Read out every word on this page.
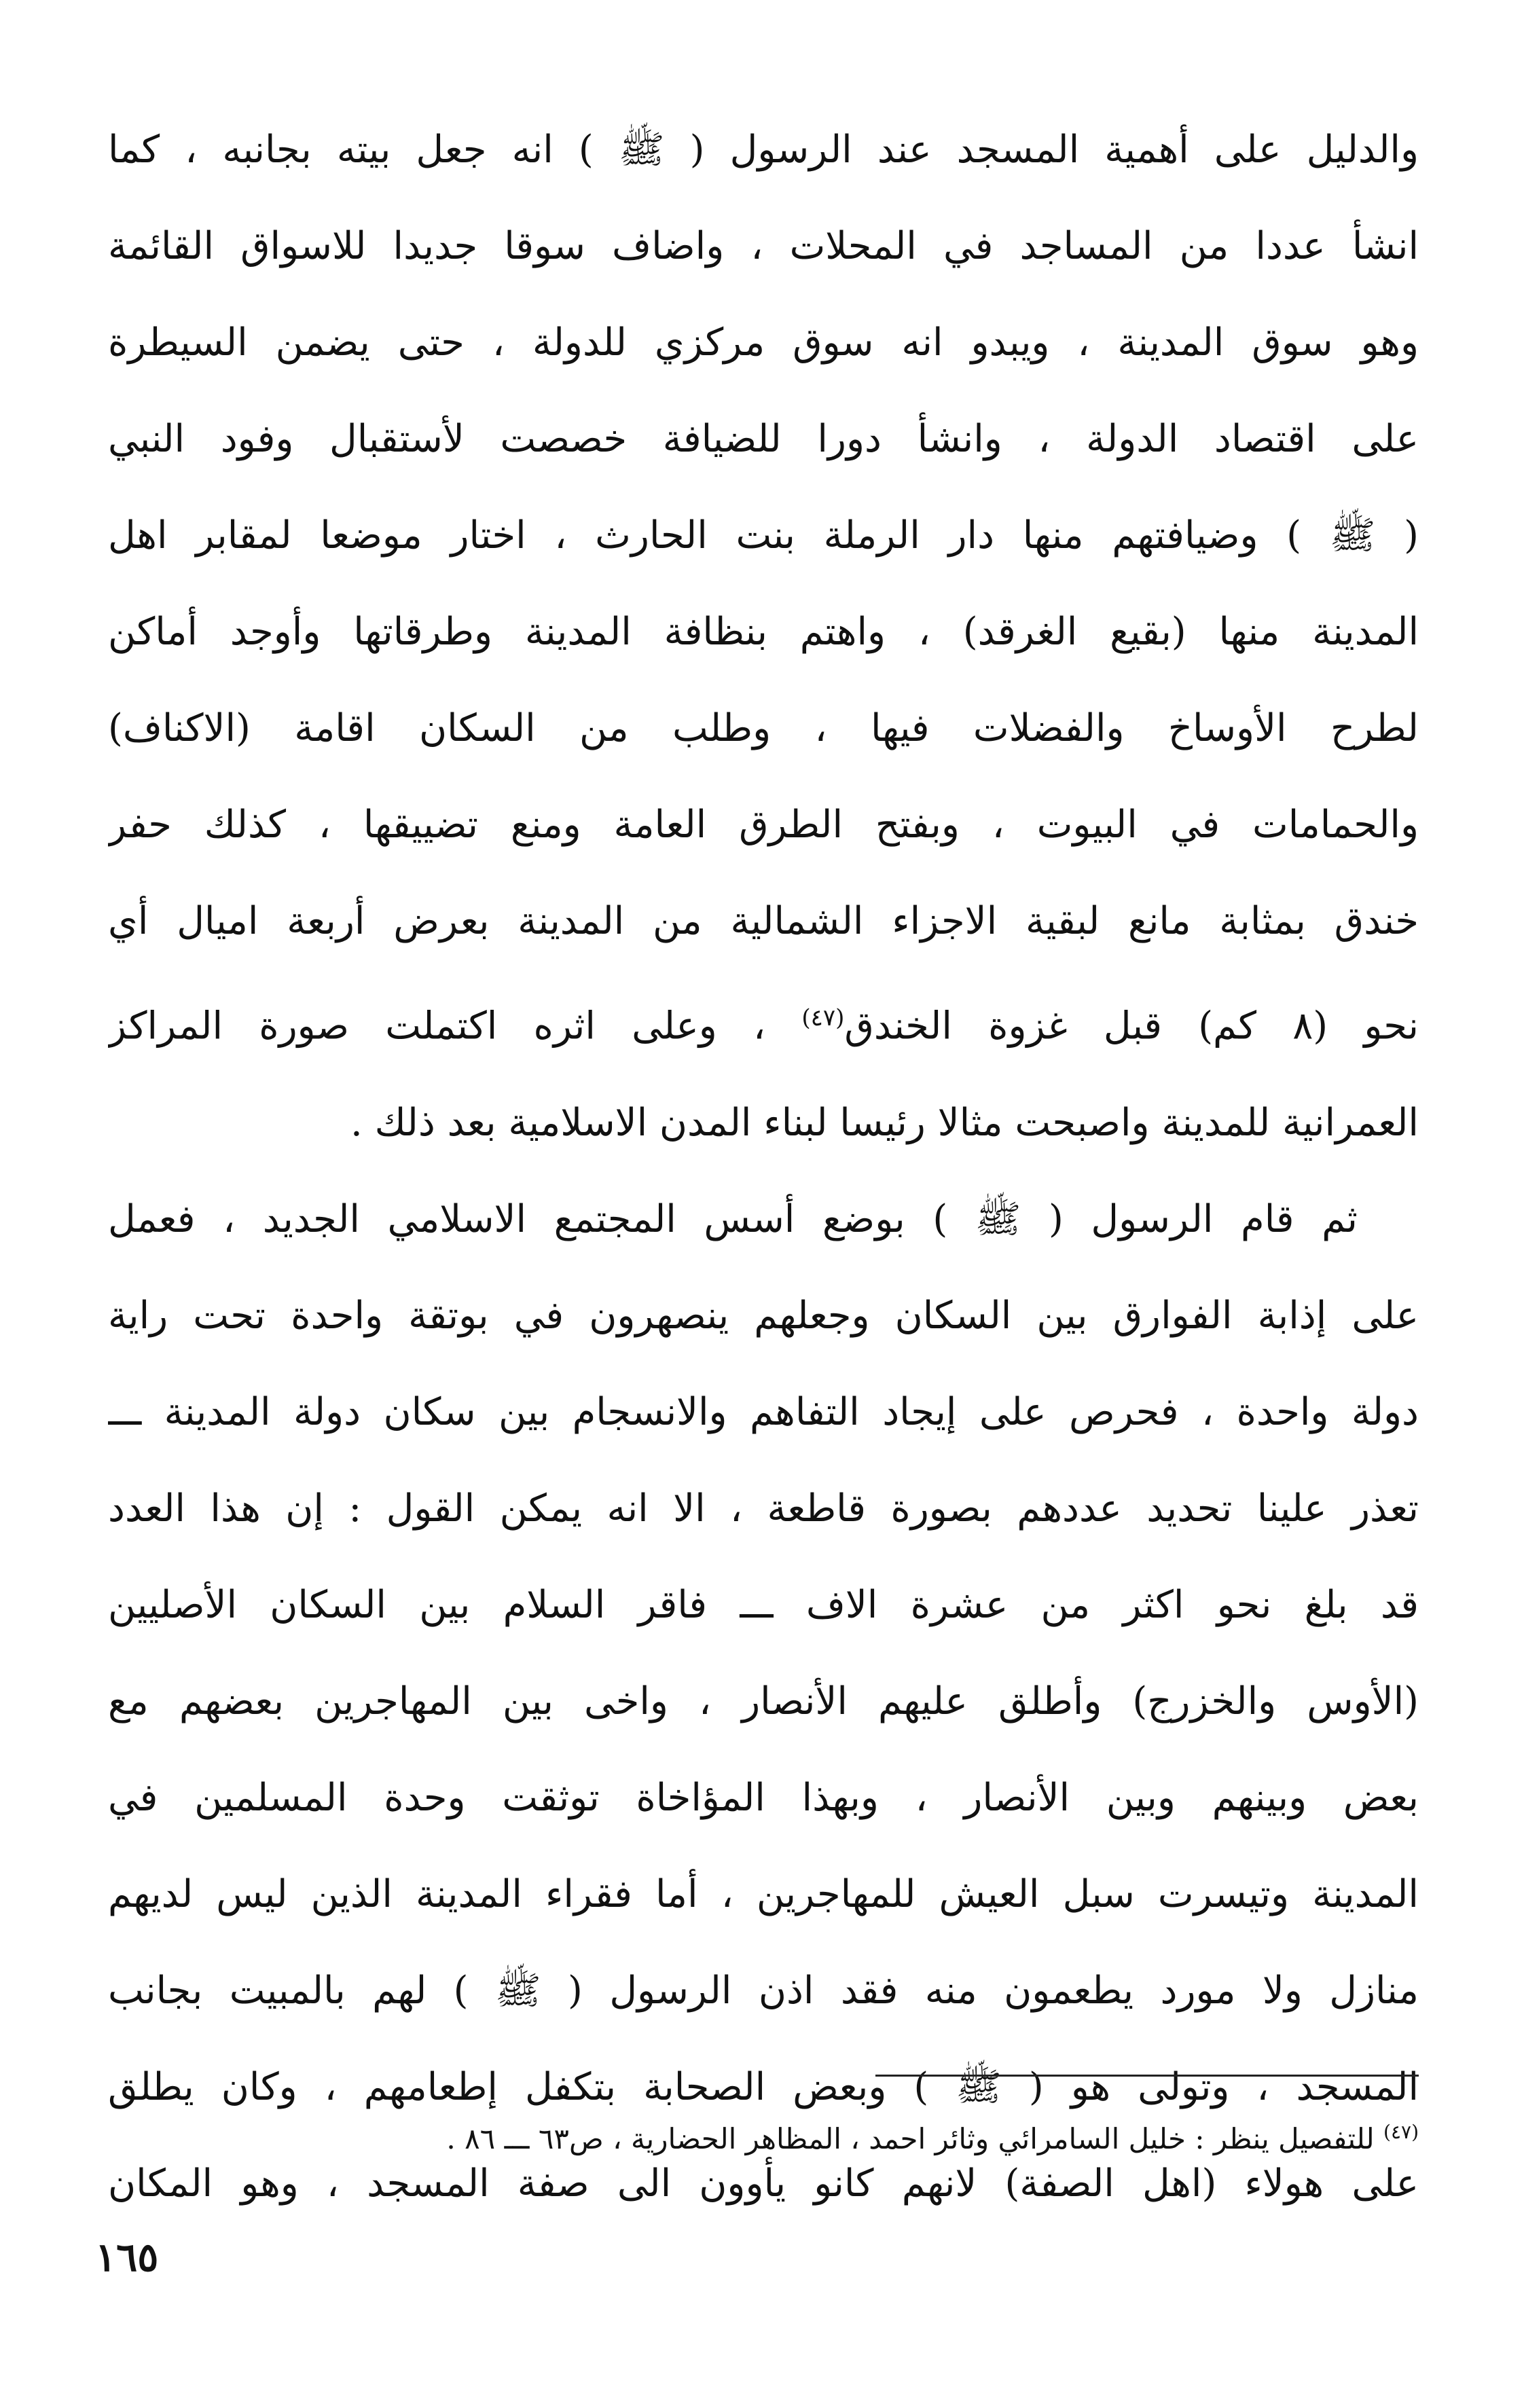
والدليل على أهمية المسجد عند الرسول ( ﷺ ) انه جعل بيته بجانبه ، كما
انشأ عددا من المساجد في المحلات ، واضاف سوقا جديدا للاسواق القائمة
وهو سوق المدينة ، ويبدو انه سوق مركزي للدولة ، حتى يضمن السيطرة
على اقتصاد الدولة ، وانشأ دورا للضيافة خصصت لأستقبال وفود النبي
( ﷺ ) وضيافتهم منها دار الرملة بنت الحارث ، اختار موضعا لمقابر اهل
المدينة منها (بقيع الغرقد) ، واهتم بنظافة المدينة وطرقاتها وأوجد أماكن
لطرح الأوساخ والفضلات فيها ، وطلب من السكان اقامة (الاكناف)
والحمامات في البيوت ، وبفتح الطرق العامة ومنع تضييقها ، كذلك حفر
خندق بمثابة مانع لبقية الاجزاء الشمالية من المدينة بعرض أربعة اميال أي
نحو (٨ كم) قبل غزوة الخندق$^{(٤٧)}$ ، وعلى اثره اكتملت صورة المراكز
العمرانية للمدينة واصبحت مثالا رئيسا لبناء المدن الاسلامية بعد ذلك .

ثم قام الرسول ( ﷺ ) بوضع أسس المجتمع الاسلامي الجديد ، فعمل
على إذابة الفوارق بين السكان وجعلهم ينصهرون في بوتقة واحدة تحت راية
دولة واحدة ، فحرص على إيجاد التفاهم والانسجام بين سكان دولة المدينة ـــ
تعذر علينا تحديد عددهم بصورة قاطعة ، الا انه يمكن القول : إن هذا العدد
قد بلغ نحو اكثر من عشرة الاف ـــ فاقر السلام بين السكان الأصليين
(الأوس والخزرج) وأطلق عليهم الأنصار ، واخى بين المهاجرين بعضهم مع
بعض وبينهم وبين الأنصار ، وبهذا المؤاخاة توثقت وحدة المسلمين في
المدينة وتيسرت سبل العيش للمهاجرين ، أما فقراء المدينة الذين ليس لديهم
منازل ولا مورد يطعمون منه فقد اذن الرسول ( ﷺ ) لهم بالمبيت بجانب
المسجد ، وتولى هو ( ﷺ ) وبعض الصحابة بتكفل إطعامهم ، وكان يطلق
على هولاء (اهل الصفة) لانهم كانو يأوون الى صفة المسجد ، وهو المكان

$^{(٤٧)}$ للتفصيل ينظر : خليل السامرائي وثائر احمد ، المظاهر الحضارية ، ص٦٣ ـــ ٨٦ .
١٦٥
